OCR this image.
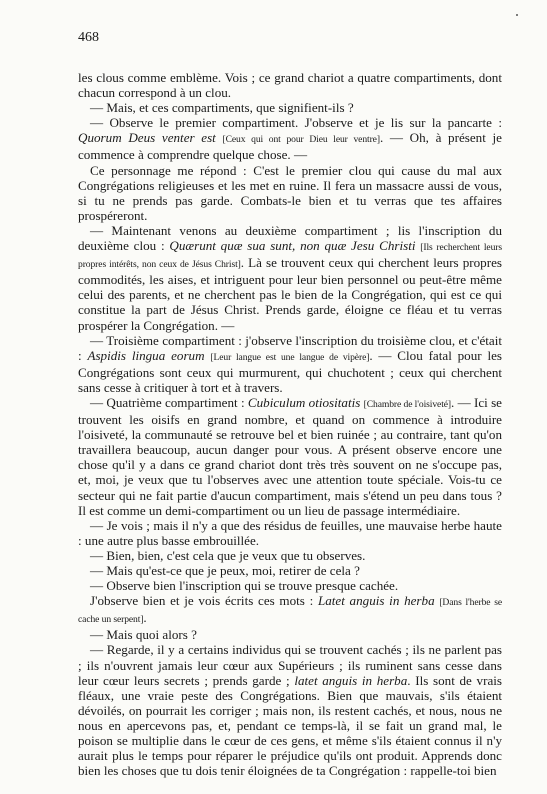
468

les clous comme emblème. Vois ; ce grand chariot a quatre compartiments, dont chacun correspond à un clou.

— Mais, et ces compartiments, que signifient-ils ?

— Observe le premier compartiment. J'observe et je lis sur la pancarte : Quorum Deus venter est [Ceux qui ont pour Dieu leur ventre]. — Oh, à présent je commence à comprendre quelque chose. —

Ce personnage me répond : C'est le premier clou qui cause du mal aux Congrégations religieuses et les met en ruine. Il fera un massacre aussi de vous, si tu ne prends pas garde. Combats-le bien et tu verras que tes affaires prospéreront.

— Maintenant venons au deuxième compartiment ; lis l'inscription du deuxième clou : Quærunt quæ sua sunt, non quæ Jesu Christi [Ils recherchent leurs propres intérêts, non ceux de Jésus Christ]. Là se trouvent ceux qui cherchent leurs propres commodités, les aises, et intriguent pour leur bien personnel ou peut-être même celui des parents, et ne cherchent pas le bien de la Congrégation, qui est ce qui constitue la part de Jésus Christ. Prends garde, éloigne ce fléau et tu verras prospérer la Congrégation. —

— Troisième compartiment : j'observe l'inscription du troisième clou, et c'était : Aspidis lingua eorum [Leur langue est une langue de vipère]. — Clou fatal pour les Congrégations sont ceux qui murmurent, qui chuchotent ; ceux qui cherchent sans cesse à critiquer à tort et à travers.

— Quatrième compartiment : Cubiculum otiositatis [Chambre de l'oisiveté]. — Ici se trouvent les oisifs en grand nombre, et quand on commence à introduire l'oisiveté, la communauté se retrouve bel et bien ruinée ; au contraire, tant qu'on travaillera beaucoup, aucun danger pour vous. A présent observe encore une chose qu'il y a dans ce grand chariot dont très très souvent on ne s'occupe pas, et, moi, je veux que tu l'observes avec une attention toute spéciale. Vois-tu ce secteur qui ne fait partie d'aucun compartiment, mais s'étend un peu dans tous ? Il est comme un demi-compartiment ou un lieu de passage intermédiaire.

— Je vois ; mais il n'y a que des résidus de feuilles, une mauvaise herbe haute : une autre plus basse embrouillée.

— Bien, bien, c'est cela que je veux que tu observes.

— Mais qu'est-ce que je peux, moi, retirer de cela ?

— Observe bien l'inscription qui se trouve presque cachée.

J'observe bien et je vois écrits ces mots : Latet anguis in herba [Dans l'herbe se cache un serpent].

— Mais quoi alors ?

— Regarde, il y a certains individus qui se trouvent cachés ; ils ne parlent pas ; ils n'ouvrent jamais leur cœur aux Supérieurs ; ils ruminent sans cesse dans leur cœur leurs secrets ; prends garde ; latet anguis in herba. Ils sont de vrais fléaux, une vraie peste des Congrégations. Bien que mauvais, s'ils étaient dévoilés, on pourrait les corriger ; mais non, ils restent cachés, et nous, nous ne nous en apercevons pas, et, pendant ce temps-là, il se fait un grand mal, le poison se multiplie dans le cœur de ces gens, et même s'ils étaient connus il n'y aurait plus le temps pour réparer le préjudice qu'ils ont produit. Apprends donc bien les choses que tu dois tenir éloignées de ta Congrégation : rappelle-toi bien
